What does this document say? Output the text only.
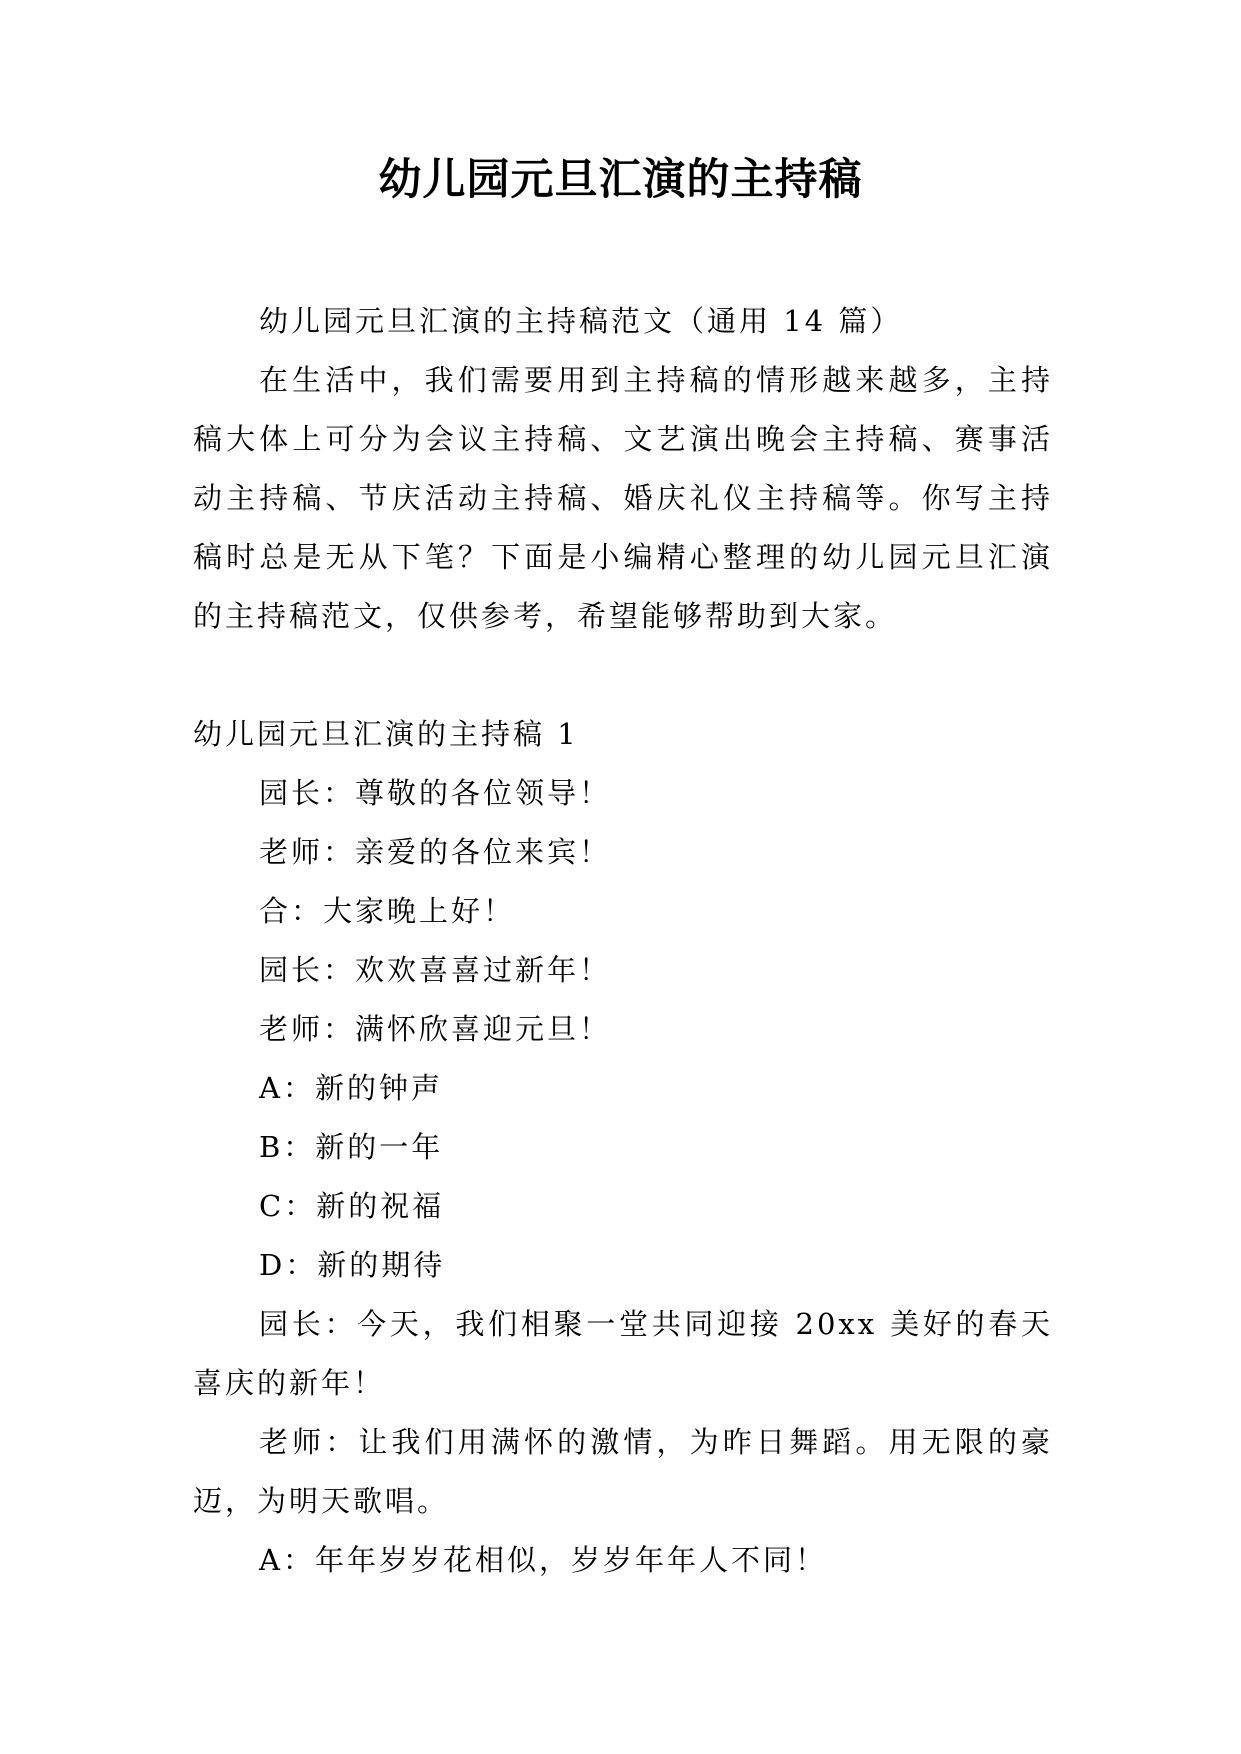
幼儿园元旦汇演的主持稿

幼儿园元旦汇演的主持稿范文（通用 14 篇）

在生活中，我们需要用到主持稿的情形越来越多，主持稿大体上可分为会议主持稿、文艺演出晚会主持稿、赛事活动主持稿、节庆活动主持稿、婚庆礼仪主持稿等。你写主持稿时总是无从下笔？下面是小编精心整理的幼儿园元旦汇演的主持稿范文，仅供参考，希望能够帮助到大家。

幼儿园元旦汇演的主持稿 1

园长：尊敬的各位领导！

老师：亲爱的各位来宾！

合：大家晚上好！

园长：欢欢喜喜过新年！

老师：满怀欣喜迎元旦！

A：新的钟声

B：新的一年

C：新的祝福

D：新的期待

园长：今天，我们相聚一堂共同迎接 20xx 美好的春天喜庆的新年！

老师：让我们用满怀的激情，为昨日舞蹈。用无限的豪迈，为明天歌唱。

A：年年岁岁花相似，岁岁年年人不同！
